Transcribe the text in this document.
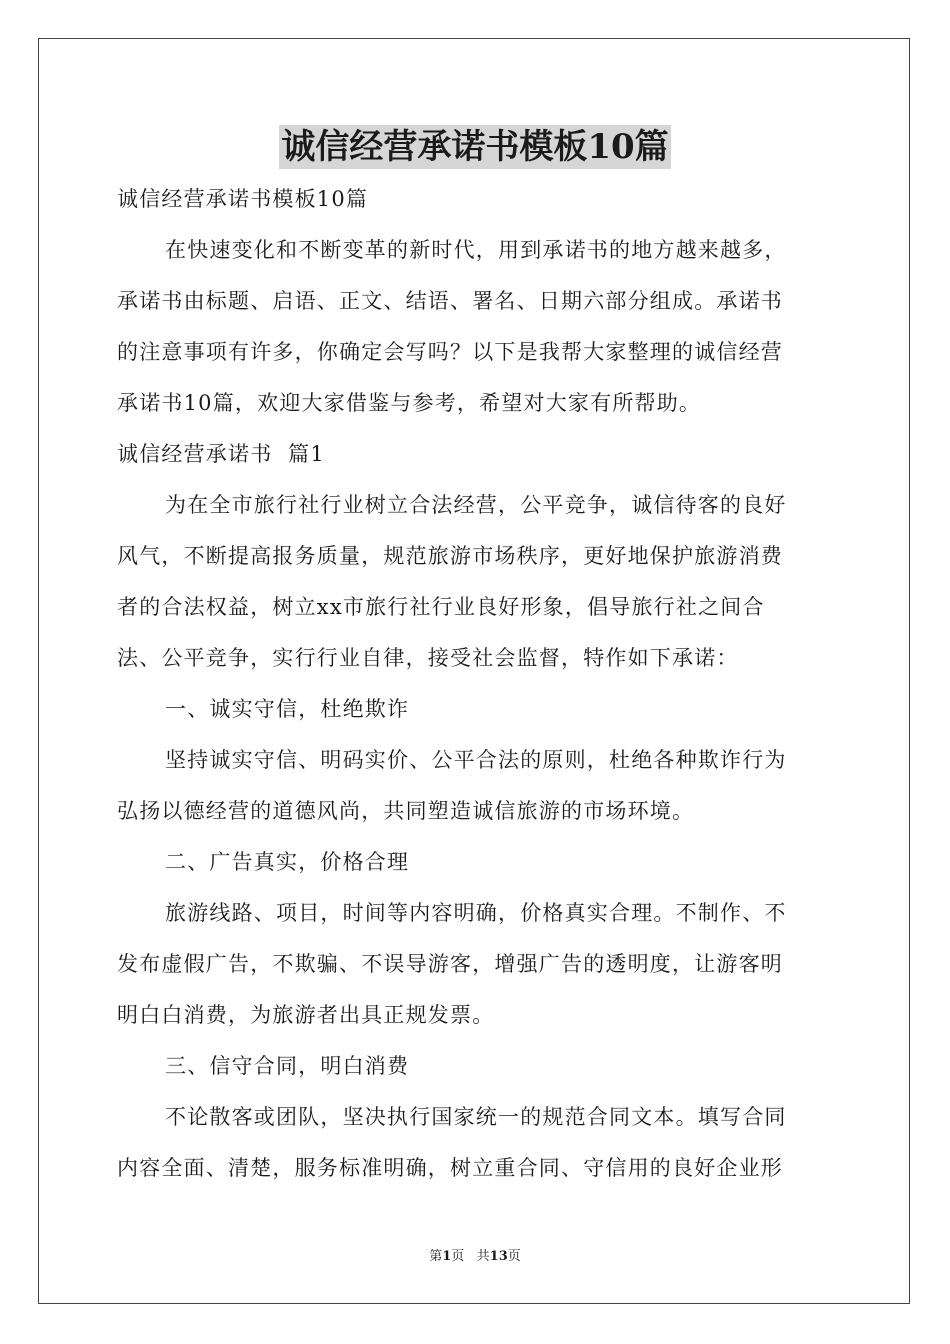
诚信经营承诺书模板10篇
诚信经营承诺书模板10篇
在快速变化和不断变革的新时代，用到承诺书的地方越来越多，
承诺书由标题、启语、正文、结语、署名、日期六部分组成。承诺书
的注意事项有许多，你确定会写吗？以下是我帮大家整理的诚信经营
承诺书10篇，欢迎大家借鉴与参考，希望对大家有所帮助。
诚信经营承诺书  篇1
为在全市旅行社行业树立合法经营，公平竞争，诚信待客的良好
风气，不断提高报务质量，规范旅游市场秩序，更好地保护旅游消费
者的合法权益，树立xx市旅行社行业良好形象，倡导旅行社之间合
法、公平竞争，实行行业自律，接受社会监督，特作如下承诺：
一、诚实守信，杜绝欺诈
坚持诚实守信、明码实价、公平合法的原则，杜绝各种欺诈行为
弘扬以德经营的道德风尚，共同塑造诚信旅游的市场环境。
二、广告真实，价格合理
旅游线路、项目，时间等内容明确，价格真实合理。不制作、不
发布虚假广告，不欺骗、不误导游客，增强广告的透明度，让游客明
明白白消费，为旅游者出具正规发票。
三、信守合同，明白消费
不论散客或团队，坚决执行国家统一的规范合同文本。填写合同
内容全面、清楚，服务标准明确，树立重合同、守信用的良好企业形
第1页   共13页
